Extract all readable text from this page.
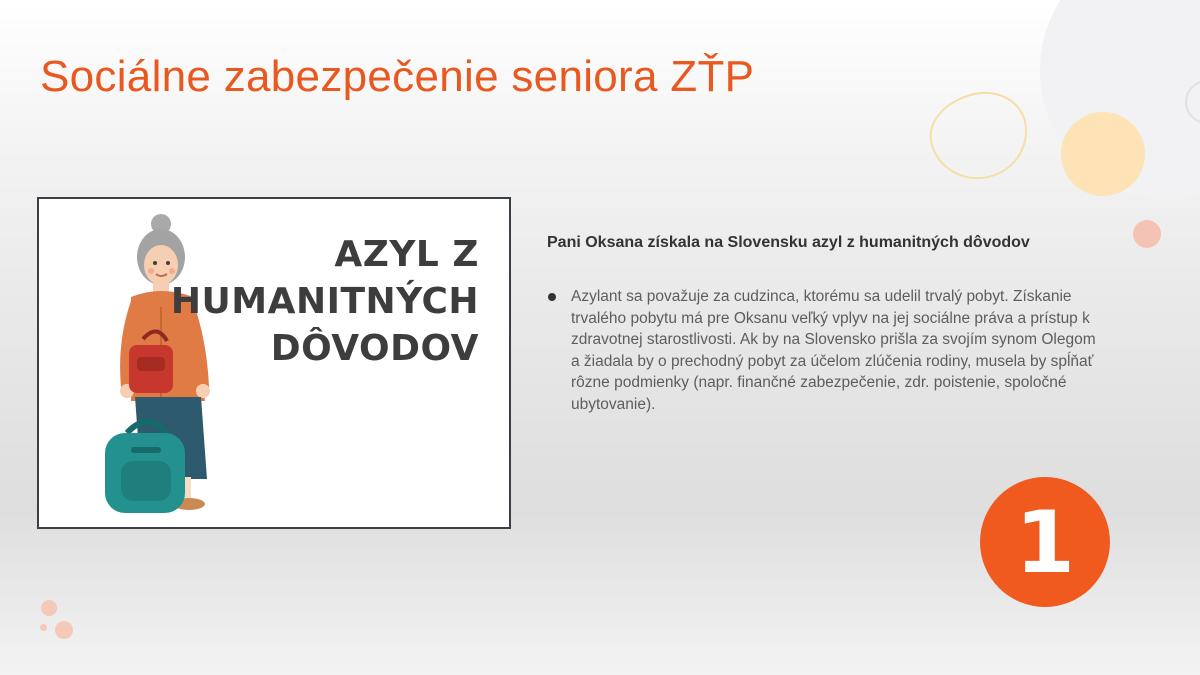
Sociálne zabezpečenie seniora ZŤP
AZYL Z
HUMANITNÝCH
DÔVODOV
Pani Oksana získala na Slovensku azyl z humanitných dôvodov
Azylant sa považuje za cudzinca, ktorému sa udelil trvalý pobyt. Získanie trvalého pobytu má pre Oksanu veľký vplyv na jej sociálne práva a prístup k zdravotnej starostlivosti. Ak by na Slovensko prišla za svojím synom Olegom a žiadala by o prechodný pobyt za účelom zlúčenia rodiny, musela by spĺňať rôzne podmienky (napr. finančné zabezpečenie, zdr. poistenie, spoločné ubytovanie).
1
